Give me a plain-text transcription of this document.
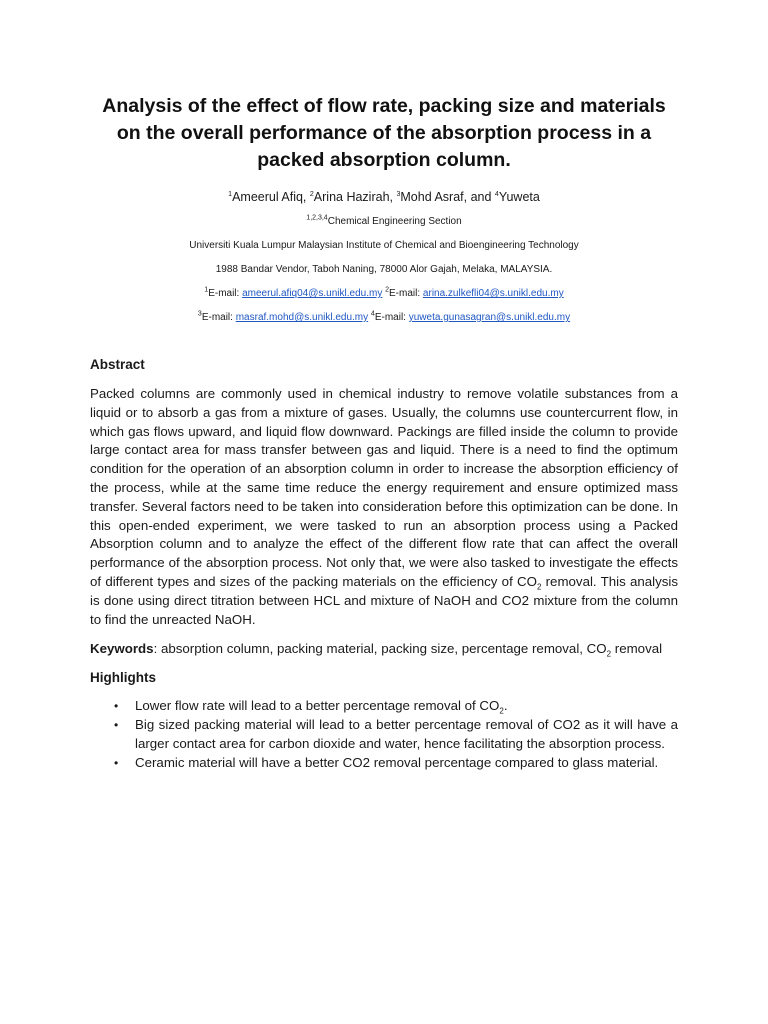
Analysis of the effect of flow rate, packing size and materials
on the overall performance of the absorption process in a
packed absorption column.
$^1$Ameerul Afiq, $^2$Arina Hazirah, $^3$Mohd Asraf, and $^4$Yuweta
$^{1,2,3,4}$Chemical Engineering Section
Universiti Kuala Lumpur Malaysian Institute of Chemical and Bioengineering Technology
1988 Bandar Vendor, Taboh Naning, 78000 Alor Gajah, Melaka, MALAYSIA.
$^1$E-mail: ameerul.afiq04@s.unikl.edu.my $^2$E-mail: arina.zulkefli04@s.unikl.edu.my
$^3$E-mail: masraf.mohd@s.unikl.edu.my $^4$E-mail: yuweta.gunasagran@s.unikl.edu.my
Abstract

Packed columns are commonly used in chemical industry to remove volatile substances from a liquid or to absorb a gas from a mixture of gases. Usually, the columns use countercurrent flow, in which gas flows upward, and liquid flow downward. Packings are filled inside the column to provide large contact area for mass transfer between gas and liquid. There is a need to find the optimum condition for the operation of an absorption column in order to increase the absorption efficiency of the process, while at the same time reduce the energy requirement and ensure optimized mass transfer. Several factors need to be taken into consideration before this optimization can be done. In this open-ended experiment, we were tasked to run an absorption process using a Packed Absorption column and to analyze the effect of the different flow rate that can affect the overall performance of the absorption process. Not only that, we were also tasked to investigate the effects of different types and sizes of the packing materials on the efficiency of $CO_2$ removal. This analysis is done using direct titration between HCL and mixture of NaOH and CO2 mixture from the column to find the unreacted NaOH.

Keywords: absorption column, packing material, packing size, percentage removal, $CO_2$ removal

Highlights
• Lower flow rate will lead to a better percentage removal of $CO_2$.
• Big sized packing material will lead to a better percentage removal of CO2 as it will have a larger contact area for carbon dioxide and water, hence facilitating the absorption process.
• Ceramic material will have a better CO2 removal percentage compared to glass material.
